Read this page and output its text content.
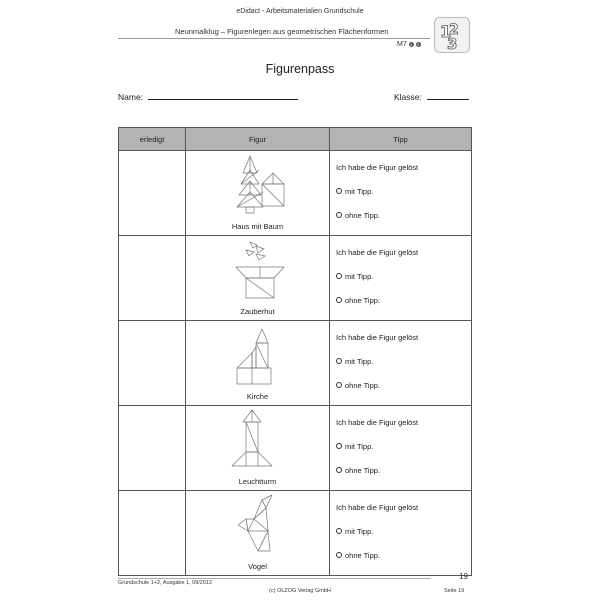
eDidact - Arbeitsmaterialien Grundschule
Neunmalklug – Figurenlegen aus geometrischen Flächenformen
M7 1	2
1
2
3
Figurenpass
Name:	Klasse:
erledigt	Figur	Tipp

	Haus mit Baum	Ich habe die Figur gelöst
mit Tipp.
ohne Tipp.

	Zauberhut	Ich habe die Figur gelöst
mit Tipp.
ohne Tipp.

	Kirche	Ich habe die Figur gelöst
mit Tipp.
ohne Tipp.

	Leuchtturm	Ich habe die Figur gelöst
mit Tipp.
ohne Tipp.

	Vogel	Ich habe die Figur gelöst
mit Tipp.
ohne Tipp.
19
Grundschule 1+2, Ausgabe 1, 09/2012
(c) OLZOG Verlag GmbH	Seite 19
